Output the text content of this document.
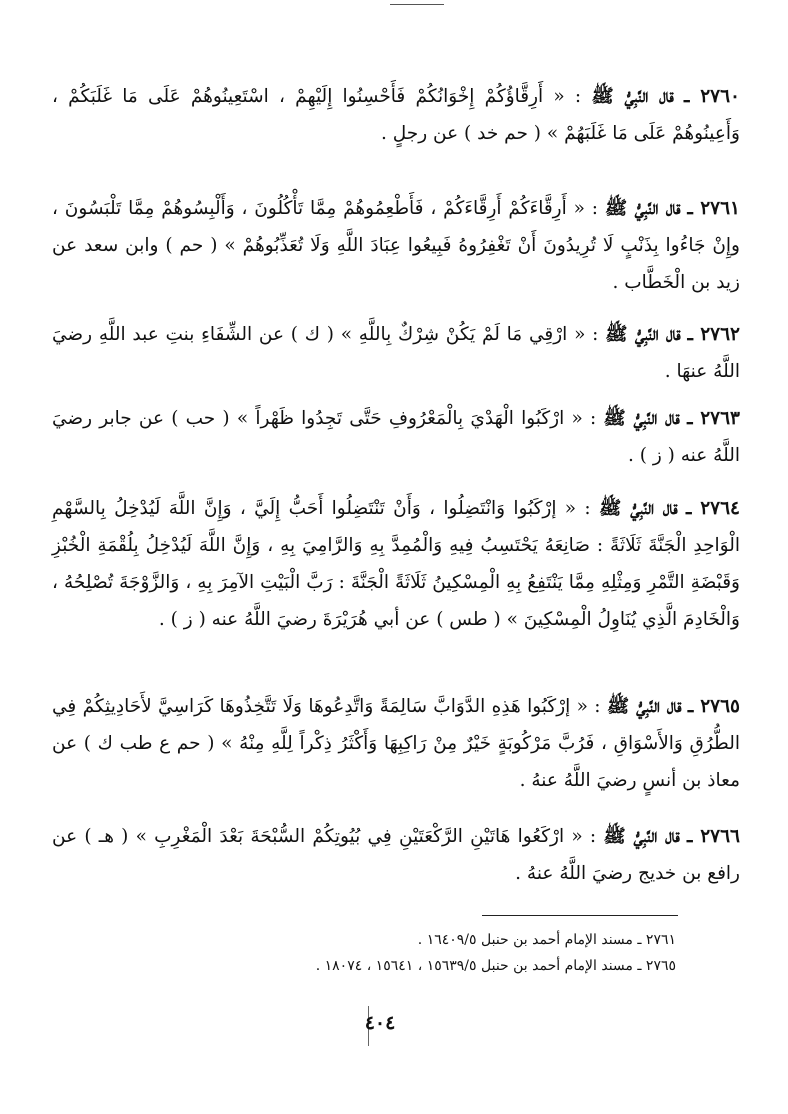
٢٧٦٠ ـ قال النَّبِيُّ ﷺ : « أَرِقَّاؤُكُمْ إِخْوَانُكُمْ فَأَحْسِنُوا إِلَيْهِمْ ، اسْتَعِينُوهُمْ عَلَى مَا غَلَبَكُمْ ، وَأَعِينُوهُمْ عَلَى مَا غَلَبَهُمْ » ( حم خد ) عن رجلٍ .

٢٧٦١ ـ قال النَّبِيُّ ﷺ : « أَرِقَّاءَكُمْ أَرِقَّاءَكُمْ ، فَأَطْعِمُوهُمْ مِمَّا تَأْكُلُونَ ، وَأَلْبِسُوهُمْ مِمَّا تَلْبَسُونَ ، وإِنْ جَاءُوا بِذَنْبٍ لَا تُرِيدُونَ أَنْ تَغْفِرُوهُ فَبِيعُوا عِبَادَ اللَّهِ وَلَا تُعَذِّبُوهُمْ » ( حم ) وابن سعد عن زيد بن الْخَطَّاب .

٢٧٦٢ ـ قال النَّبِيُّ ﷺ : « ارْقِي مَا لَمْ يَكُنْ شِرْكٌ بِاللَّهِ » ( ك ) عن الشِّفَاءِ بنتِ عبد اللَّهِ رضيَ اللَّهُ عنهَا .

٢٧٦٣ ـ قال النَّبِيُّ ﷺ : « ارْكَبُوا الْهَدْيَ بِالْمَعْرُوفِ حَتَّى تَجِدُوا ظَهْراً » ( حب ) عن جابر رضيَ اللَّهُ عنه ( ز ) .

٢٧٦٤ ـ قال النَّبِيُّ ﷺ : « إرْكَبُوا وَانْتَضِلُوا ، وَأَنْ تَنْتَضِلُوا أَحَبُّ إِلَيَّ ، وَإِنَّ اللَّهَ لَيُدْخِلُ بِالسَّهْمِ الْوَاحِدِ الْجَنَّةَ ثَلَاثَةً : صَانِعَهُ يَحْتَسِبُ فِيهِ وَالْمُمِدَّ بِهِ وَالرَّامِيَ بِهِ ، وَإِنَّ اللَّهَ لَيُدْخِلُ بِلُقْمَةِ الْخُبْزِ وَقَبْضَةِ التَّمْرِ وَمِثْلِهِ مِمَّا يَنْتَفِعُ بِهِ الْمِسْكِينُ ثَلَاثَةً الْجَنَّةَ : رَبَّ الْبَيْتِ الآمِرَ بِهِ ، وَالزَّوْجَةَ تُصْلِحُهُ ، وَالْخَادِمَ الَّذِي يُنَاوِلُ الْمِسْكِينَ » ( طس ) عن أبي هُرَيْرَةَ رضيَ اللَّهُ عنه ( ز ) .

٢٧٦٥ ـ قال النَّبِيُّ ﷺ : « إرْكَبُوا هَذِهِ الدَّوَابَّ سَالِمَةً وَاتَّدِعُوهَا وَلَا تَتَّخِذُوهَا كَرَاسِيَّ لأَحَادِيثِكُمْ فِي الطُّرُقِ وَالأَسْوَاقِ ، فَرُبَّ مَرْكُوبَةٍ خَيْرٌ مِنْ رَاكِبِهَا وَأَكْثَرُ ذِكْراً لِلَّهِ مِنْهُ » ( حم ع طب ك ) عن معاذ بن أنسٍ رضيَ اللَّهُ عنهُ .

٢٧٦٦ ـ قال النَّبِيُّ ﷺ : « ارْكَعُوا هَاتَيْنِ الرَّكْعَتَيْنِ فِي بُيُوتِكُمْ السُّبْحَةَ بَعْدَ الْمَغْرِبِ » ( هـ ) عن رافع بن خديج رضيَ اللَّهُ عنهُ .

٢٧٦١ ـ مسند الإمام أحمد بن حنبل ١٦٤٠٩/٥ .
٢٧٦٥ ـ مسند الإمام أحمد بن حنبل ١٥٦٣٩/٥ ، ١٥٦٤١ ، ١٨٠٧٤ .
٤٠٤
